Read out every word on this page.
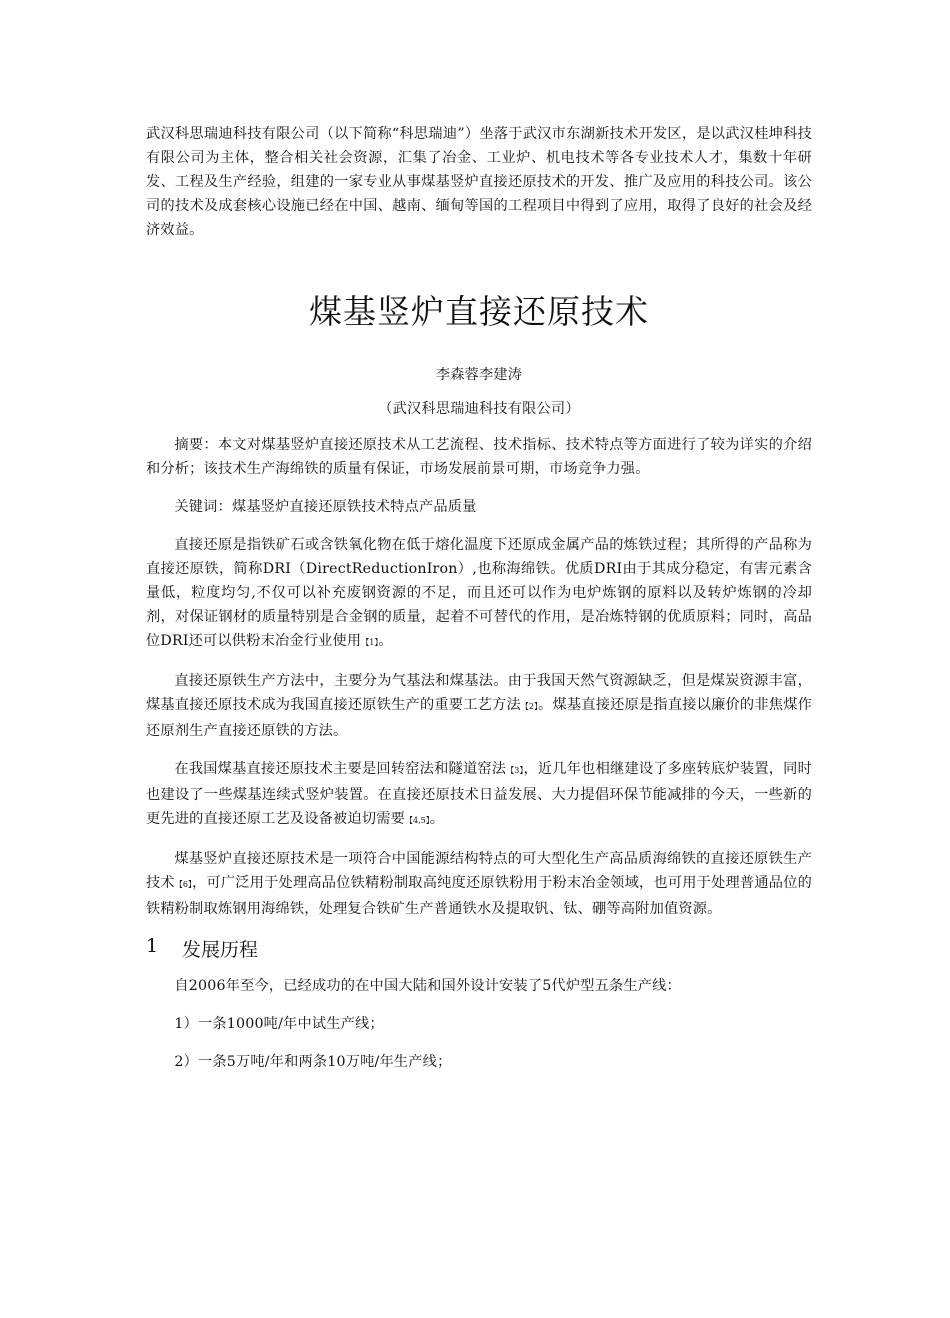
武汉科思瑞迪科技有限公司（以下简称“科思瑞迪”）坐落于武汉市东湖新技术开发区，是以武汉桂坤科技有限公司为主体，整合相关社会资源，汇集了冶金、工业炉、机电技术等各专业技术人才，集数十年研发、工程及生产经验，组建的一家专业从事煤基竖炉直接还原技术的开发、推广及应用的科技公司。该公司的技术及成套核心设施已经在中国、越南、缅甸等国的工程项目中得到了应用，取得了良好的社会及经济效益。

煤基竖炉直接还原技术

李森蓉李建涛

（武汉科思瑞迪科技有限公司）

摘要：本文对煤基竖炉直接还原技术从工艺流程、技术指标、技术特点等方面进行了较为详实的介绍和分析；该技术生产海绵铁的质量有保证，市场发展前景可期，市场竞争力强。

关键词：煤基竖炉直接还原铁技术特点产品质量

直接还原是指铁矿石或含铁氧化物在低于熔化温度下还原成金属产品的炼铁过程；其所得的产品称为直接还原铁，简称DRI（DirectReductionIron）,也称海绵铁。优质DRI由于其成分稳定，有害元素含量低，粒度均匀,不仅可以补充废钢资源的不足，而且还可以作为电炉炼钢的原料以及转炉炼钢的冷却剂，对保证钢材的质量特别是合金钢的质量，起着不可替代的作用，是冶炼特钢的优质原料；同时，高品位DRI还可以供粉末冶金行业使用【1】。

直接还原铁生产方法中，主要分为气基法和煤基法。由于我国天然气资源缺乏，但是煤炭资源丰富，煤基直接还原技术成为我国直接还原铁生产的重要工艺方法【2】。煤基直接还原是指直接以廉价的非焦煤作还原剂生产直接还原铁的方法。

在我国煤基直接还原技术主要是回转窑法和隧道窑法【3】，近几年也相继建设了多座转底炉装置，同时也建设了一些煤基连续式竖炉装置。在直接还原技术日益发展、大力提倡环保节能减排的今天，一些新的更先进的直接还原工艺及设备被迫切需要【4,5】。

煤基竖炉直接还原技术是一项符合中国能源结构特点的可大型化生产高品质海绵铁的直接还原铁生产技术【6】，可广泛用于处理高品位铁精粉制取高纯度还原铁粉用于粉末冶金领域，也可用于处理普通品位的铁精粉制取炼钢用海绵铁，处理复合铁矿生产普通铁水及提取钒、钛、硼等高附加值资源。

1	发展历程

自2006年至今，已经成功的在中国大陆和国外设计安装了5代炉型五条生产线：

1）一条1000吨/年中试生产线；

2）一条5万吨/年和两条10万吨/年生产线；
